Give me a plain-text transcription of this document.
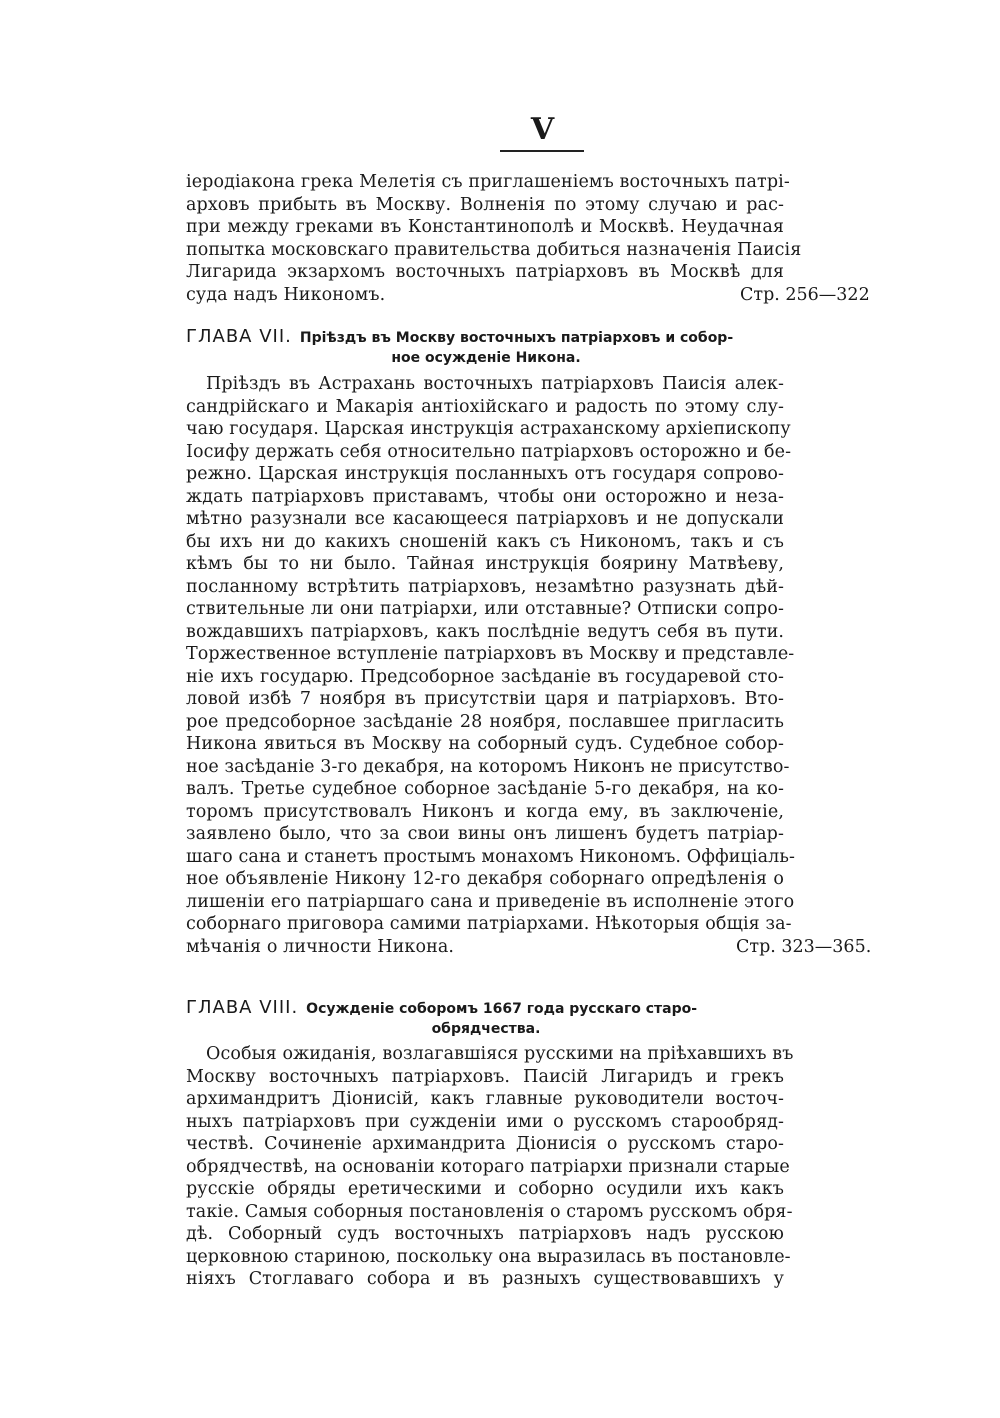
V
iеродiакона грека Мелетiя съ приглашенiемъ восточныхъ патрi-
арховъ прибыть въ Москву. Волненiя по этому случаю и рас-
при между греками въ Константинополѣ и Москвѣ. Неудачная
попытка московскаго правительства добиться назначенiя Паисiя
Лигарида экзархомъ восточныхъ патрiарховъ въ Москвѣ для
суда надъ Никономъ.	Стр. 256—322
ГЛАВА VII. Прiѣздъ въ Москву восточныхъ патрiарховъ и собор-
ное осужденiе Никона.
Прiѣздъ въ Астрахань восточныхъ патрiарховъ Паисiя алек-
сандрiйскаго и Макарiя антiохiйскаго и радость по этому слу-
чаю государя. Царская инструкцiя астраханскому архiепископу
Iосифу держать себя относительно патрiарховъ осторожно и бе-
режно. Царская инструкцiя посланныхъ отъ государя сопрово-
ждать патрiарховъ приставамъ, чтобы они осторожно и неза-
мѣтно разузнали все касающееся патрiарховъ и не допускали
бы ихъ ни до какихъ сношенiй какъ съ Никономъ, такъ и съ
кѣмъ бы то ни было. Тайная инструкцiя боярину Матвѣеву,
посланному встрѣтить патрiарховъ, незамѣтно разузнать дѣй-
ствительные ли они патрiархи, или отставные? Отписки сопро-
вождавшихъ патрiарховъ, какъ послѣднiе ведутъ себя въ пути.
Торжественное вступленiе патрiарховъ въ Москву и представле-
нiе ихъ государю. Предсоборное засѣданiе въ государевой сто-
ловой избѣ 7 ноября въ присутствiи царя и патрiарховъ. Вто-
рое предсоборное засѣданiе 28 ноября, пославшее пригласить
Никона явиться въ Москву на соборный судъ. Судебное собор-
ное засѣданiе 3-го декабря, на которомъ Никонъ не присутство-
валъ. Третье судебное соборное засѣданiе 5-го декабря, на ко-
торомъ присутствовалъ Никонъ и когда ему, въ заключенiе,
заявлено было, что за свои вины онъ лишенъ будетъ патрiар-
шаго сана и станетъ простымъ монахомъ Никономъ. Оффицiаль-
ное объявленiе Никону 12-го декабря соборнаго опредѣленiя о
лишенiи его патрiаршаго сана и приведенiе въ исполненiе этого
соборнаго приговора самими патрiархами. Нѣкоторыя общiя за-
мѣчанiя о личности Никона.	Стр. 323—365.
ГЛАВА VIII. Осужденiе соборомъ 1667 года русскаго старо-
обрядчества.
Особыя ожиданiя, возлагавшiяся русскими на прiѣхавшихъ въ
Москву восточныхъ патрiарховъ. Паисiй Лигаридъ и грекъ
архимандритъ Дiонисiй, какъ главные руководители восточ-
ныхъ патрiарховъ при сужденiи ими о русскомъ старообряд-
чествѣ. Сочиненiе архимандрита Дiонисiя о русскомъ старо-
обрядчествѣ, на основанiи котораго патрiархи признали старые
русскiе обряды еретическими и соборно осудили ихъ какъ
такiе. Самыя соборныя постановленiя о старомъ русскомъ обря-
дѣ. Соборный судъ восточныхъ патрiарховъ надъ русскою
церковною стариною, поскольку она выразилась въ постановле-
нiяхъ Стоглаваго собора и въ разныхъ существовавшихъ у
